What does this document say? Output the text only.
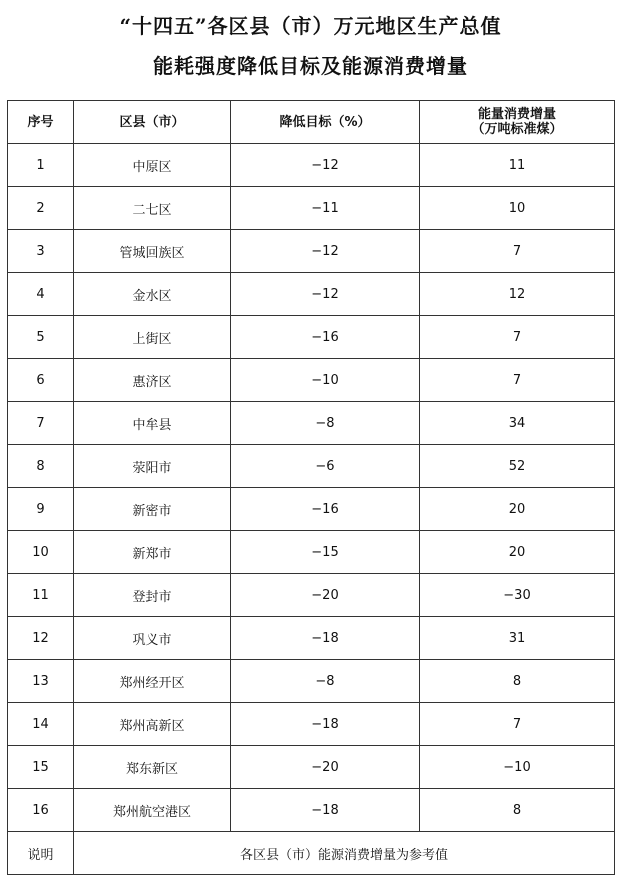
“十四五”各区县（市）万元地区生产总值
能耗强度降低目标及能源消费增量
序号	区县（市）	降低目标（%）	能量消费增量
（万吨标准煤）
1	中原区	−12	11
2	二七区	−11	10
3	管城回族区	−12	7
4	金水区	−12	12
5	上街区	−16	7
6	惠济区	−10	7
7	中牟县	−8	34
8	荥阳市	−6	52
9	新密市	−16	20
10	新郑市	−15	20
11	登封市	−20	−30
12	巩义市	−18	31
13	郑州经开区	−8	8
14	郑州高新区	−18	7
15	郑东新区	−20	−10
16	郑州航空港区	−18	8
说明	各区县（市）能源消费增量为参考值		
